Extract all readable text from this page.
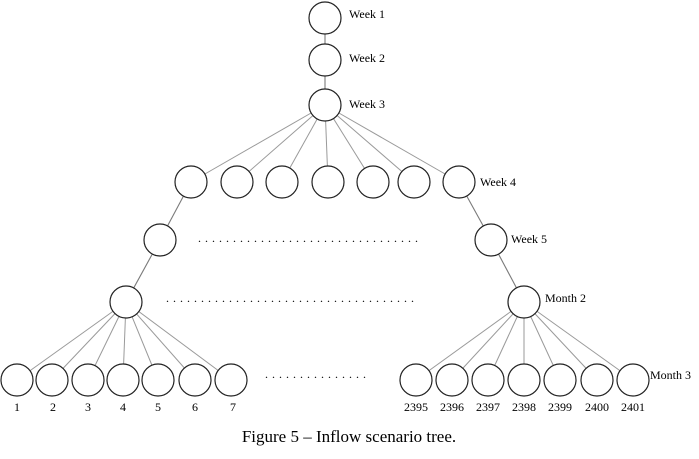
Week 1
Week 2
Week 3
Week 4
Week 5
Month 2
Month 3
. . . . . . . . . . . . . . . . . . . . . . . . . . . . . . . .
. . . . . . . . . . . . . . . . . . . . . . . . . . . . . . . . . . . .
. . . . . . . . . . . . . . .
1	2 3 4 5	6	7	2395 2396 2397 2398 2399 2400 2401
Figure 5 – Inflow scenario tree.
